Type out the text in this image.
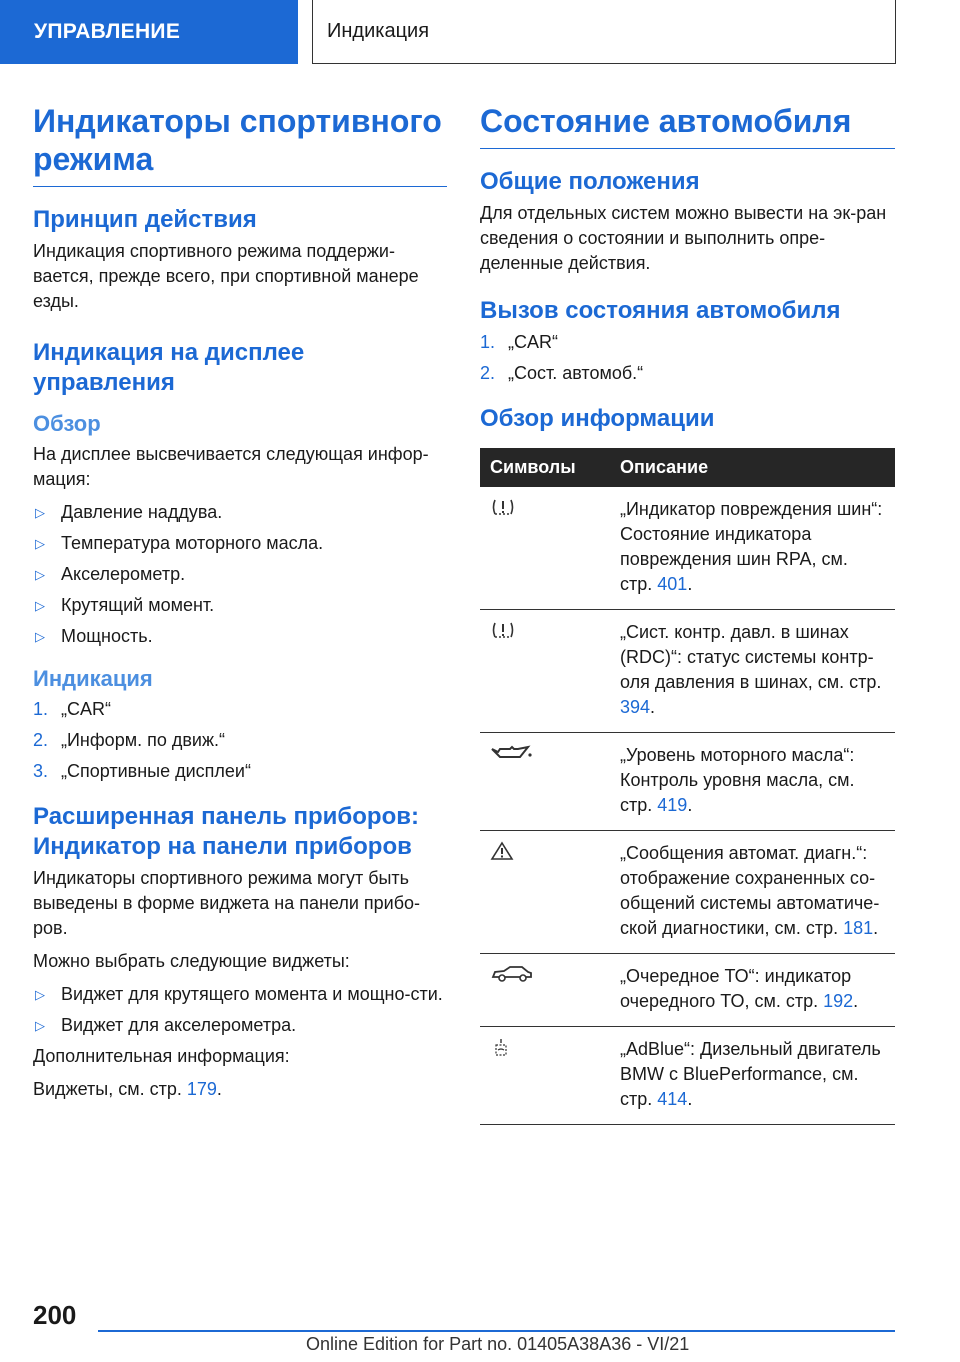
УПРАВЛЕНИЕ	Индикация
Индикаторы спортивного режима
Принцип действия
Индикация спортивного режима поддержи-вается, прежде всего, при спортивной манере езды.
Индикация на дисплее управления
Обзор
На дисплее высвечивается следующая инфор-мация:
▷ Давление наддува.
▷ Температура моторного масла.
▷ Акселерометр.
▷ Крутящий момент.
▷ Мощность.
Индикация
1. „CAR“
2. „Информ. по движ.“
3. „Спортивные дисплеи“
Расширенная панель приборов: Индикатор на панели приборов
Индикаторы спортивного режима могут быть выведены в форме виджета на панели прибо-ров.
Можно выбрать следующие виджеты:
▷ Виджет для крутящего момента и мощно-сти.
▷ Виджет для акселерометра.
Дополнительная информация:
Виджеты, см. стр. 179.
Состояние автомобиля
Общие положения
Для отдельных систем можно вывести на эк-ран сведения о состоянии и выполнить опре-деленные действия.
Вызов состояния автомобиля
1. „CAR“
2. „Сост. автомоб.“
Обзор информации
Символы	Описание
	„Индикатор повреждения шин“: Состояние индикатора повреждения шин RPA, см. стр. 401.
	„Сист. контр. давл. в шинах (RDC)“: статус системы контр-оля давления в шинах, см. стр. 394.
	„Уровень моторного масла“: Контроль уровня масла, см. стр. 419.
	„Сообщения автомат. диагн.“: отображение сохраненных со-общений системы автоматиче-ской диагностики, см. стр. 181.
	„Очередное ТО“: индикатор очередного ТО, см. стр. 192.
	„AdBlue“: Дизельный двигатель BMW с BluePerformance, см. стр. 414.
200
Online Edition for Part no. 01405A38A36 - VI/21
